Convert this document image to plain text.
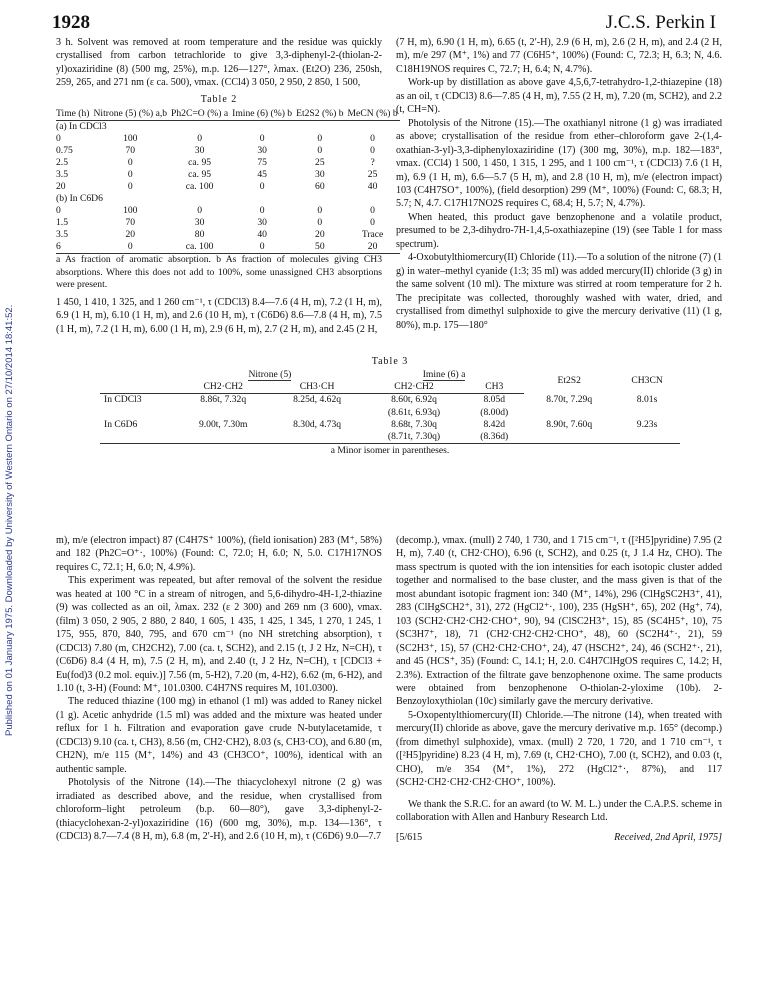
1928	J.C.S. Perkin I
Published on 01 January 1975. Downloaded by University of Western Ontario on 27/10/2014 18:41:52.

3 h. Solvent was removed at room temperature and the residue was quickly crystallised from carbon tetrachloride to give 3,3-diphenyl-2-(thiolan-2-yl)oxaziridine (8) (500 mg, 25%), m.p. 126—127°, λmax. (Et2O) 236, 250sh, 259, 265, and 271 nm (ε ca. 500), νmax. (CCl4) 3 050, 2 950, 2 850, 1 500,

Table 2
Time (h)	Nitrone (5) (%) a,b	Ph2C=O (%) a	Imine (6) (%) b	Et2S2 (%) b	MeCN (%) b
(a) In CDCl3					
0	100	0	0	0	0
0.75	70	30	30	0	0
2.5	0	ca. 95	75	25	?
3.5	0	ca. 95	45	30	25
20	0	ca. 100	0	60	40
(b) In C6D6					
0	100	0	0	0	0
1.5	70	30	30	0	0
3.5	20	80	40	20	Trace
6	0	ca. 100	0	50	20

a As fraction of aromatic absorption. b As fraction of molecules giving CH3 absorptions. Where this does not add to 100%, some unassigned CH3 absorptions were present.

1 450, 1 410, 1 325, and 1 260 cm⁻¹, τ (CDCl3) 8.4—7.6 (4 H, m), 7.2 (1 H, m), 6.9 (1 H, m), 6.10 (1 H, m), and 2.6 (10 H, m), τ (C6D6) 8.6—7.8 (4 H, m), 7.5 (1 H, m), 7.2 (1 H, m), 6.00 (1 H, m), 2.9 (6 H, m), 2.7 (2 H, m), and 2.45 (2 H,

(7 H, m), 6.90 (1 H, m), 6.65 (t, 2′-H), 2.9 (6 H, m), 2.6 (2 H, m), and 2.4 (2 H, m), m/e 297 (M⁺, 1%) and 77 (C6H5⁺, 100%) (Found: C, 72.3; H, 6.3; N, 4.6. C18H19NOS requires C, 72.7; H, 6.4; N, 4.7%).

Work-up by distillation as above gave 4,5,6,7-tetrahydro-1,2-thiazepine (18) as an oil, τ (CDCl3) 8.6—7.85 (4 H, m), 7.55 (2 H, m), 7.20 (m, SCH2), and 2.2 (t, CH=N).

Photolysis of the Nitrone (15).—The oxathianyl nitrone (1 g) was irradiated as above; crystallisation of the residue from ether–chloroform gave 2-(1,4-oxathian-3-yl)-3,3-diphenyloxaziridine (17) (300 mg, 30%), m.p. 182—183°, νmax. (CCl4) 1 500, 1 450, 1 315, 1 295, and 1 100 cm⁻¹, τ (CDCl3) 7.6 (1 H, m), 6.9 (1 H, m), 6.6—5.7 (5 H, m), and 2.8 (10 H, m), m/e (electron impact) 103 (C4H7SO⁺, 100%), (field desorption) 299 (M⁺, 100%) (Found: C, 68.3; H, 5.7; N, 4.7. C17H17NO2S requires C, 68.4; H, 5.7; N, 4.7%).

When heated, this product gave benzophenone and a volatile product, presumed to be 2,3-dihydro-7H-1,4,5-oxathiazepine (19) (see Table 1 for mass spectrum).

4-Oxobutylthiomercury(II) Chloride (11).—To a solution of the nitrone (7) (1 g) in water–methyl cyanide (1:3; 35 ml) was added mercury(II) chloride (3 g) in the same solvent (10 ml). The mixture was stirred at room temperature for 2 h. The precipitate was collected, thoroughly washed with water, dried, and crystallised from dimethyl sulphoxide to give the mercury derivative (11) (1 g, 80%), m.p. 175—180°

Table 3
	Nitrone (5)		Imine (6) a		Et2S2	CH3CN
	CH2·CH2	CH3·CH	CH2·CH2	CH3		
In CDCl3	8.86t, 7.32q	8.25d, 4.62q	8.60t, 6.92q	8.05d	8.70t, 7.29q	8.01s
			(8.61t, 6.93q)	(8.00d)		
In C6D6	9.00t, 7.30m	8.30d, 4.73q	8.68t, 7.30q	8.42d	8.90t, 7.60q	9.23s
			(8.71t, 7.30q)	(8.36d)		
a Minor isomer in parentheses.

m), m/e (electron impact) 87 (C4H7S⁺ 100%), (field ionisation) 283 (M⁺, 58%) and 182 (Ph2C=O⁺·, 100%) (Found: C, 72.0; H, 6.0; N, 5.0. C17H17NOS requires C, 72.1; H, 6.0; N, 4.9%).

This experiment was repeated, but after removal of the solvent the residue was heated at 100 °C in a stream of nitrogen, and 5,6-dihydro-4H-1,2-thiazine (9) was collected as an oil, λmax. 232 (ε 2 300) and 269 nm (3 600), νmax. (film) 3 050, 2 905, 2 880, 2 840, 1 605, 1 435, 1 425, 1 345, 1 270, 1 245, 1 175, 955, 870, 840, 795, and 670 cm⁻¹ (no NH stretching absorption), τ (CDCl3) 7.80 (m, CH2CH2), 7.00 (ca. t, SCH2), and 2.15 (t, J 2 Hz, N=CH), τ (C6D6) 8.4 (4 H, m), 7.5 (2 H, m), and 2.40 (t, J 2 Hz, N=CH), τ [CDCl3 + Eu(fod)3 (0.2 mol. equiv.)] 7.56 (m, 5-H2), 7.20 (m, 4-H2), 6.62 (m, 6-H2), and 1.10 (t, 3-H) (Found: M⁺, 101.0300. C4H7NS requires M, 101.0300).

The reduced thiazine (100 mg) in ethanol (1 ml) was added to Raney nickel (1 g). Acetic anhydride (1.5 ml) was added and the mixture was heated under reflux for 1 h. Filtration and evaporation gave crude N-butylacetamide, τ (CDCl3) 9.10 (ca. t, CH3), 8.56 (m, CH2·CH2), 8.03 (s, CH3·CO), and 6.80 (m, CH2N), m/e 115 (M⁺, 14%) and 43 (CH3CO⁺, 100%), identical with an authentic sample.

Photolysis of the Nitrone (14).—The thiacyclohexyl nitrone (2 g) was irradiated as described above, and the residue, when crystallised from chloroform–light petroleum (b.p. 60—80°), gave 3,3-diphenyl-2-(thiacyclohexan-2-yl)oxaziridine (16) (600 mg, 30%), m.p. 134—136°, τ (CDCl3) 8.7—7.4 (8 H, m), 6.8 (m, 2′-H), and 2.6 (10 H, m), τ (C6D6) 9.0—7.7

(decomp.), νmax. (mull) 2 740, 1 730, and 1 715 cm⁻¹, τ ([²H5]pyridine) 7.95 (2 H, m), 7.40 (t, CH2·CHO), 6.96 (t, SCH2), and 0.25 (t, J 1.4 Hz, CHO). The mass spectrum is quoted with the ion intensities for each isotopic cluster added together and normalised to the base cluster, and the mass given is that of the most abundant isotopic fragment ion: 340 (M⁺, 14%), 296 (ClHgSC2H3⁺, 41), 283 (ClHgSCH2⁺, 31), 272 (HgCl2⁺·, 100), 235 (HgSH⁺, 65), 202 (Hg⁺, 74), 103 (SCH2·CH2·CH2·CHO⁺, 90), 94 (ClSC2H3⁺, 15), 85 (SC4H5⁺, 10), 75 (SC3H7⁺, 18), 71 (CH2·CH2·CH2·CHO⁺, 48), 60 (SC2H4⁺·, 21), 59 (SC2H3⁺, 15), 57 (CH2·CH2·CHO⁺, 24), 47 (HSCH2⁺, 24), 46 (SCH2⁺·, 21), and 45 (HCS⁺, 35) (Found: C, 14.1; H, 2.0. C4H7ClHgOS requires C, 14.2; H, 2.3%). Extraction of the filtrate gave benzophenone oxime. The same products were obtained from benzophenone O-thiolan-2-yloxime (10b). 2-Benzoyloxythiolan (10c) similarly gave the mercury derivative.

5-Oxopentylthiomercury(II) Chloride.—The nitrone (14), when treated with mercury(II) chloride as above, gave the mercury derivative m.p. 165° (decomp.) (from dimethyl sulphoxide), νmax. (mull) 2 720, 1 720, and 1 710 cm⁻¹, τ ([²H5]pyridine) 8.23 (4 H, m), 7.69 (t, CH2·CHO), 7.00 (t, SCH2), and 0.03 (t, CHO), m/e 354 (M⁺, 1%), 272 (HgCl2⁺·, 87%), and 117 (SCH2·CH2·CH2·CH2·CHO⁺, 100%).

We thank the S.R.C. for an award (to W. M. L.) under the C.A.P.S. scheme in collaboration with Allen and Hanbury Research Ltd.

[5/615	Received, 2nd April, 1975]
